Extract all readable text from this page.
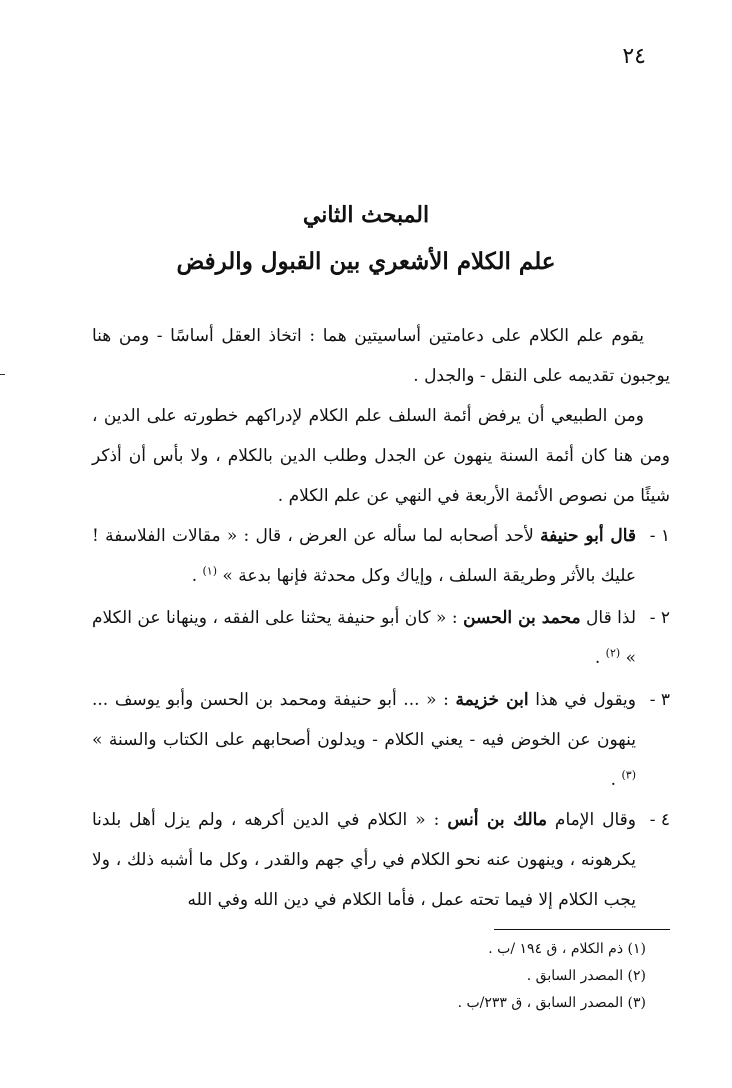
٢٤
المبحث الثاني
علم الكلام الأشعري بين القبول والرفض
يقوم علم الكلام على دعامتين أساسيتين هما : اتخاذ العقل أساسًا - ومن هنا يوجبون تقديمه على النقل - والجدل .
ومن الطبيعي أن يرفض أئمة السلف علم الكلام لإدراكهم خطورته على الدين ، ومن هنا كان أئمة السنة ينهون عن الجدل وطلب الدين بالكلام ، ولا بأس أن أذكر شيئًا من نصوص الأئمة الأربعة في النهي عن علم الكلام .
١ -
قال أبو حنيفة لأحد أصحابه لما سأله عن العرض ، قال : « مقالات الفلاسفة ! عليك بالأثر وطريقة السلف ، وإياك وكل محدثة فإنها بدعة » $^{(١)}$ .
٢ -
لذا قال محمد بن الحسن : « كان أبو حنيفة يحثنا على الفقه ، وينهانا عن الكلام » $^{(٢)}$ .
٣ -
ويقول في هذا ابن خزيمة : « ... أبو حنيفة ومحمد بن الحسن وأبو يوسف ... ينهون عن الخوض فيه - يعني الكلام - ويدلون أصحابهم على الكتاب والسنة » $^{(٣)}$ .
٤ -
وقال الإمام مالك بن أنس : « الكلام في الدين أكرهه ، ولم يزل أهل بلدنا يكرهونه ، وينهون عنه نحو الكلام في رأي جهم والقدر ، وكل ما أشبه ذلك ، ولا يجب الكلام إلا فيما تحته عمل ، فأما الكلام في دين الله وفي الله
(١) ذم الكلام ، ق ١٩٤ /ب .
(٢) المصدر السابق .
(٣) المصدر السابق ، ق ٢٣٣/ب .
